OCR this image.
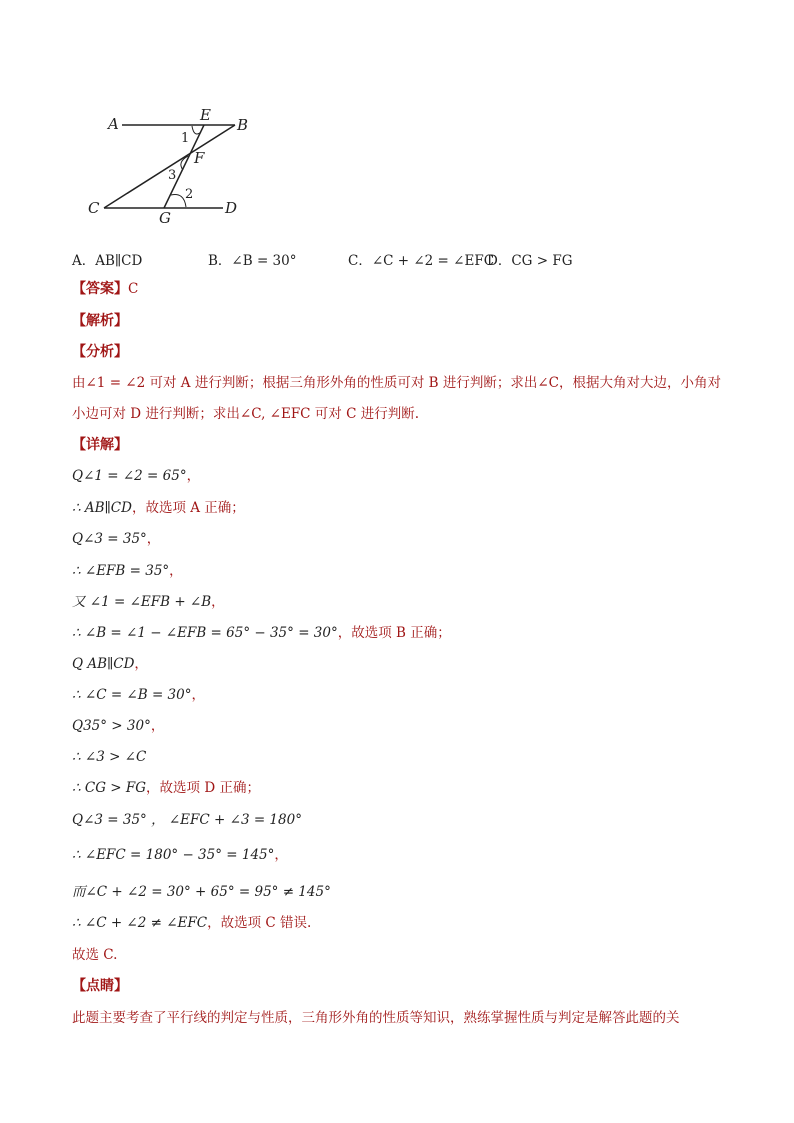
A	E
B
F
C
G
D
1
3
2
A．AB∥CD	B．∠B = 30°	C．∠C + ∠2 = ∠EFC
D．CG > FG
【答案】C
【解析】
【分析】
由∠1 = ∠2 可对 A 进行判断；根据三角形外角的性质可对 B 进行判断；求出∠C，根据大角对大边，小角对
小边可对 D 进行判断；求出∠C, ∠EFC 可对 C 进行判断.
【详解】
Q∠1 = ∠2 = 65°，
∴ AB∥CD，故选项 A 正确；
Q∠3 = 35°，
∴ ∠EFB = 35°，
又 ∠1 = ∠EFB + ∠B，
∴ ∠B = ∠1 − ∠EFB = 65° − 35° = 30°，故选项 B 正确；
Q AB∥CD，
∴ ∠C = ∠B = 30°，
Q35° > 30°，
∴ ∠3 > ∠C
∴ CG > FG，故选项 D 正确；
Q∠3 = 35° ， ∠EFC + ∠3 = 180°
∴ ∠EFC = 180° − 35° = 145°，
而∠C + ∠2 = 30° + 65° = 95° ≠ 145°
∴ ∠C + ∠2 ≠ ∠EFC，故选项 C 错误.
故选 C.
【点睛】
此题主要考查了平行线的判定与性质，三角形外角的性质等知识，熟练掌握性质与判定是解答此题的关
